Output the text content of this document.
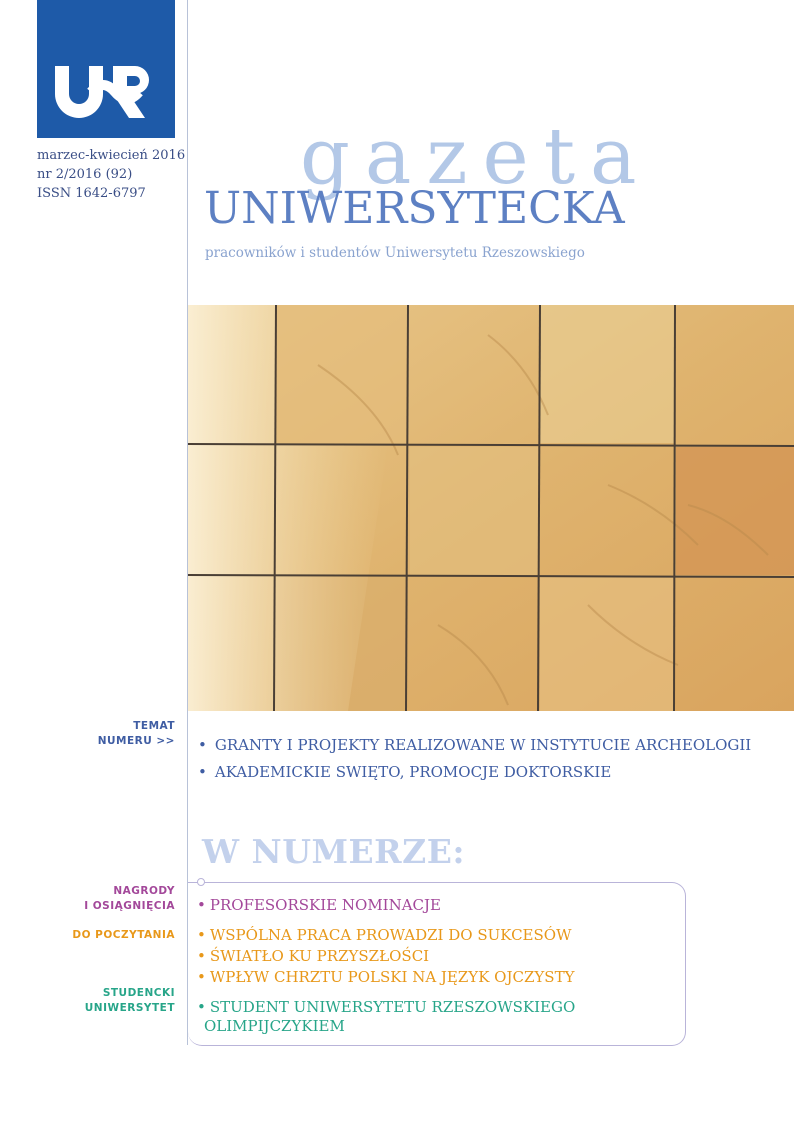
marzec-kwiecień 2016
nr 2/2016 (92)
ISSN 1642-6797	gazeta
UNIWERSYTECKA
pracowników i studentów Uniwersytetu Rzeszowskiego
TEMAT
NUMERU >> • GRANTY I PROJEKTY REALIZOWANE W INSTYTUCIE ARCHEOLOGII
• AKADEMICKIE SWIĘTO, PROMOCJE DOKTORSKIE
W NUMERZE:
NAGRODY
I OSIĄGNIĘCIA • PROFESORSKIE NOMINACJE
DO POCZYTANIA • WSPÓLNA PRACA PROWADZI DO SUKCESÓW
• ŚWIATŁO KU PRZYSZŁOŚCI
• WPŁYW CHRZTU POLSKI NA JĘZYK OJCZYSTY
STUDENCKI
UNIWERSYTET • STUDENT UNIWERSYTETU RZESZOWSKIEGO
OLIMPIJCZYKIEM
